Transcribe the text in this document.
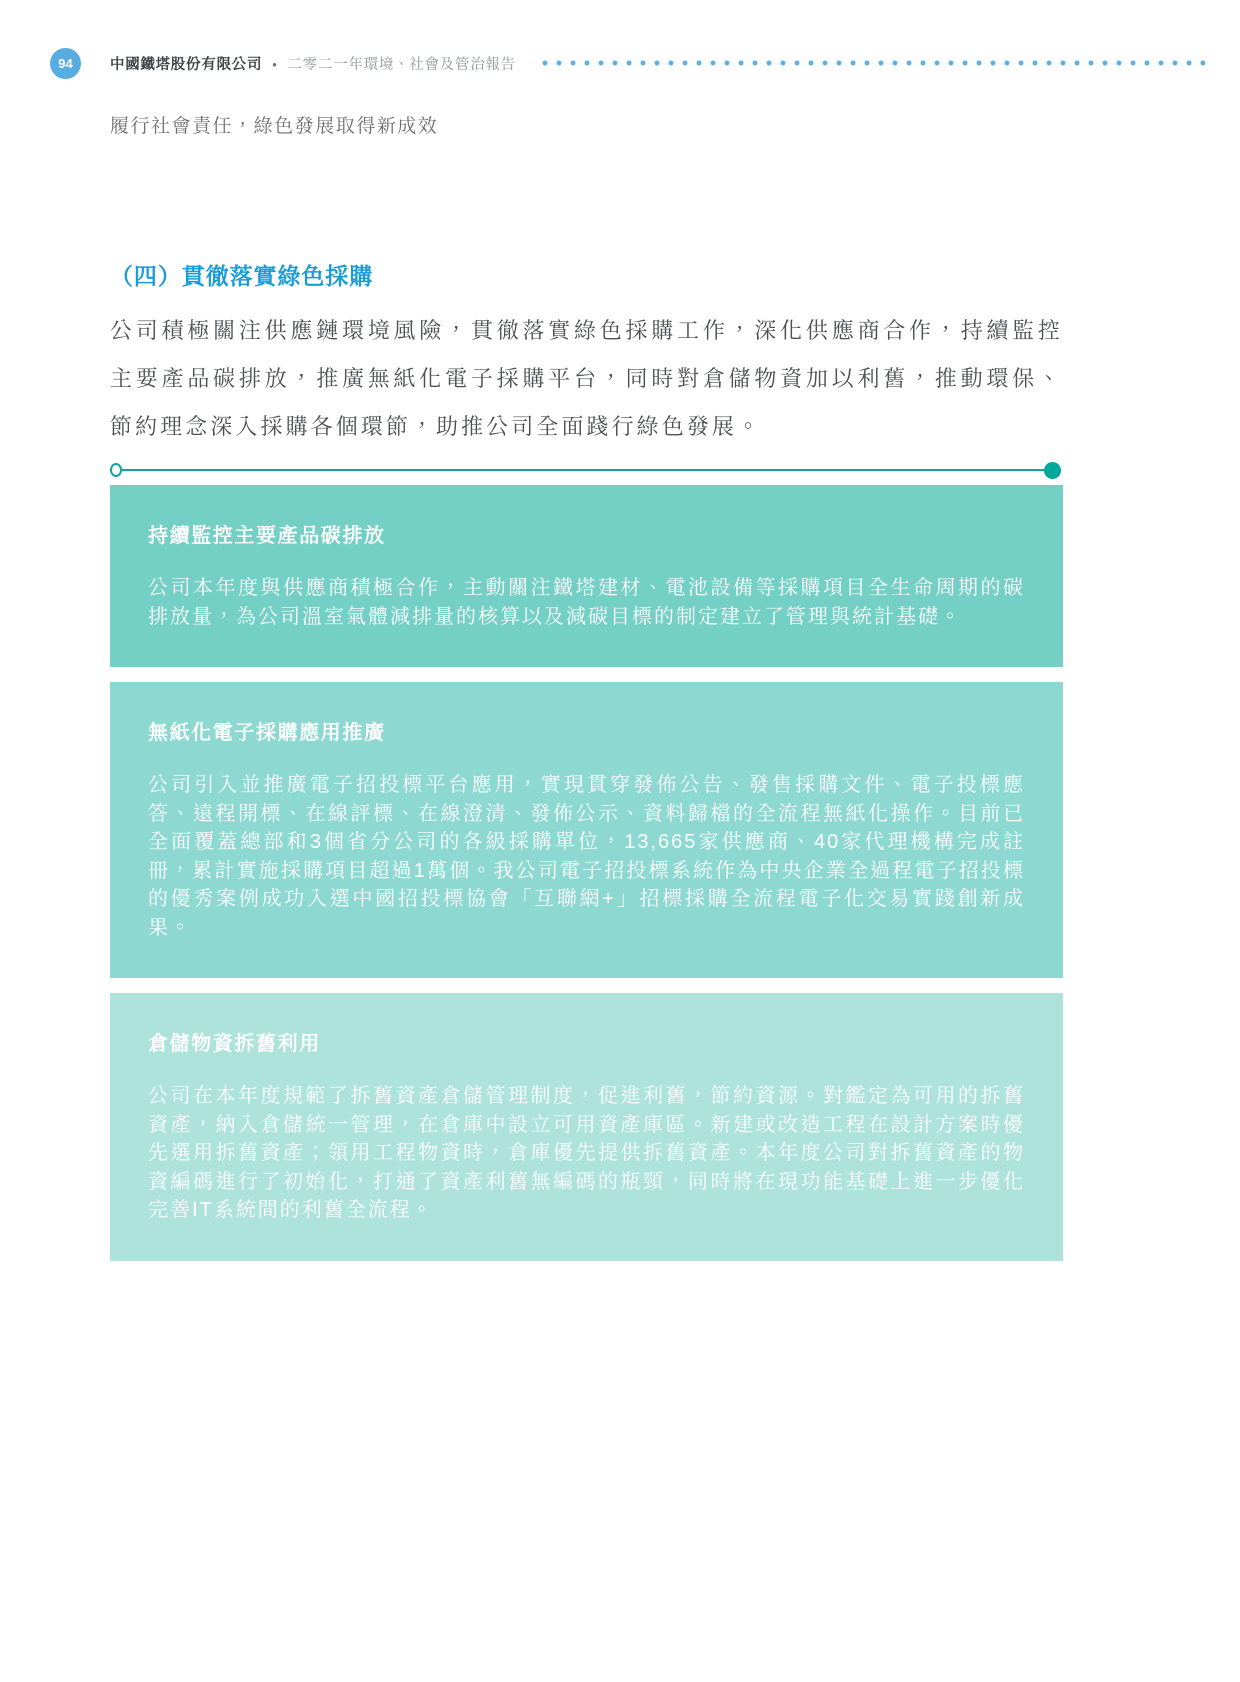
94	中國鐵塔股份有限公司 • 二零二一年環境、社會及管治報告
履行社會責任，綠色發展取得新成效
（四）貫徹落實綠色採購

公司積極關注供應鏈環境風險，貫徹落實綠色採購工作，深化供應商合作，持續監控主要產品碳排放，推廣無紙化電子採購平台，同時對倉儲物資加以利舊，推動環保、節約理念深入採購各個環節，助推公司全面踐行綠色發展。

持續監控主要產品碳排放

公司本年度與供應商積極合作，主動關注鐵塔建材、電池設備等採購項目全生命周期的碳排放量，為公司溫室氣體減排量的核算以及減碳目標的制定建立了管理與統計基礎。

無紙化電子採購應用推廣

公司引入並推廣電子招投標平台應用，實現貫穿發佈公告、發售採購文件、電子投標應答、遠程開標、在線評標、在線澄清、發佈公示、資料歸檔的全流程無紙化操作。目前已全面覆蓋總部和3個省分公司的各級採購單位，13,665家供應商、40家代理機構完成註冊，累計實施採購項目超過1萬個。我公司電子招投標系統作為中央企業全過程電子招投標的優秀案例成功入選中國招投標協會「互聯網+」招標採購全流程電子化交易實踐創新成果。

倉儲物資拆舊利用

公司在本年度規範了拆舊資產倉儲管理制度，促進利舊，節約資源。對鑑定為可用的拆舊資產，納入倉儲統一管理，在倉庫中設立可用資產庫區。新建或改造工程在設計方案時優先選用拆舊資產；領用工程物資時，倉庫優先提供拆舊資產。本年度公司對拆舊資產的物資編碼進行了初始化，打通了資產利舊無編碼的瓶頸，同時將在現功能基礎上進一步優化完善IT系統間的利舊全流程。
